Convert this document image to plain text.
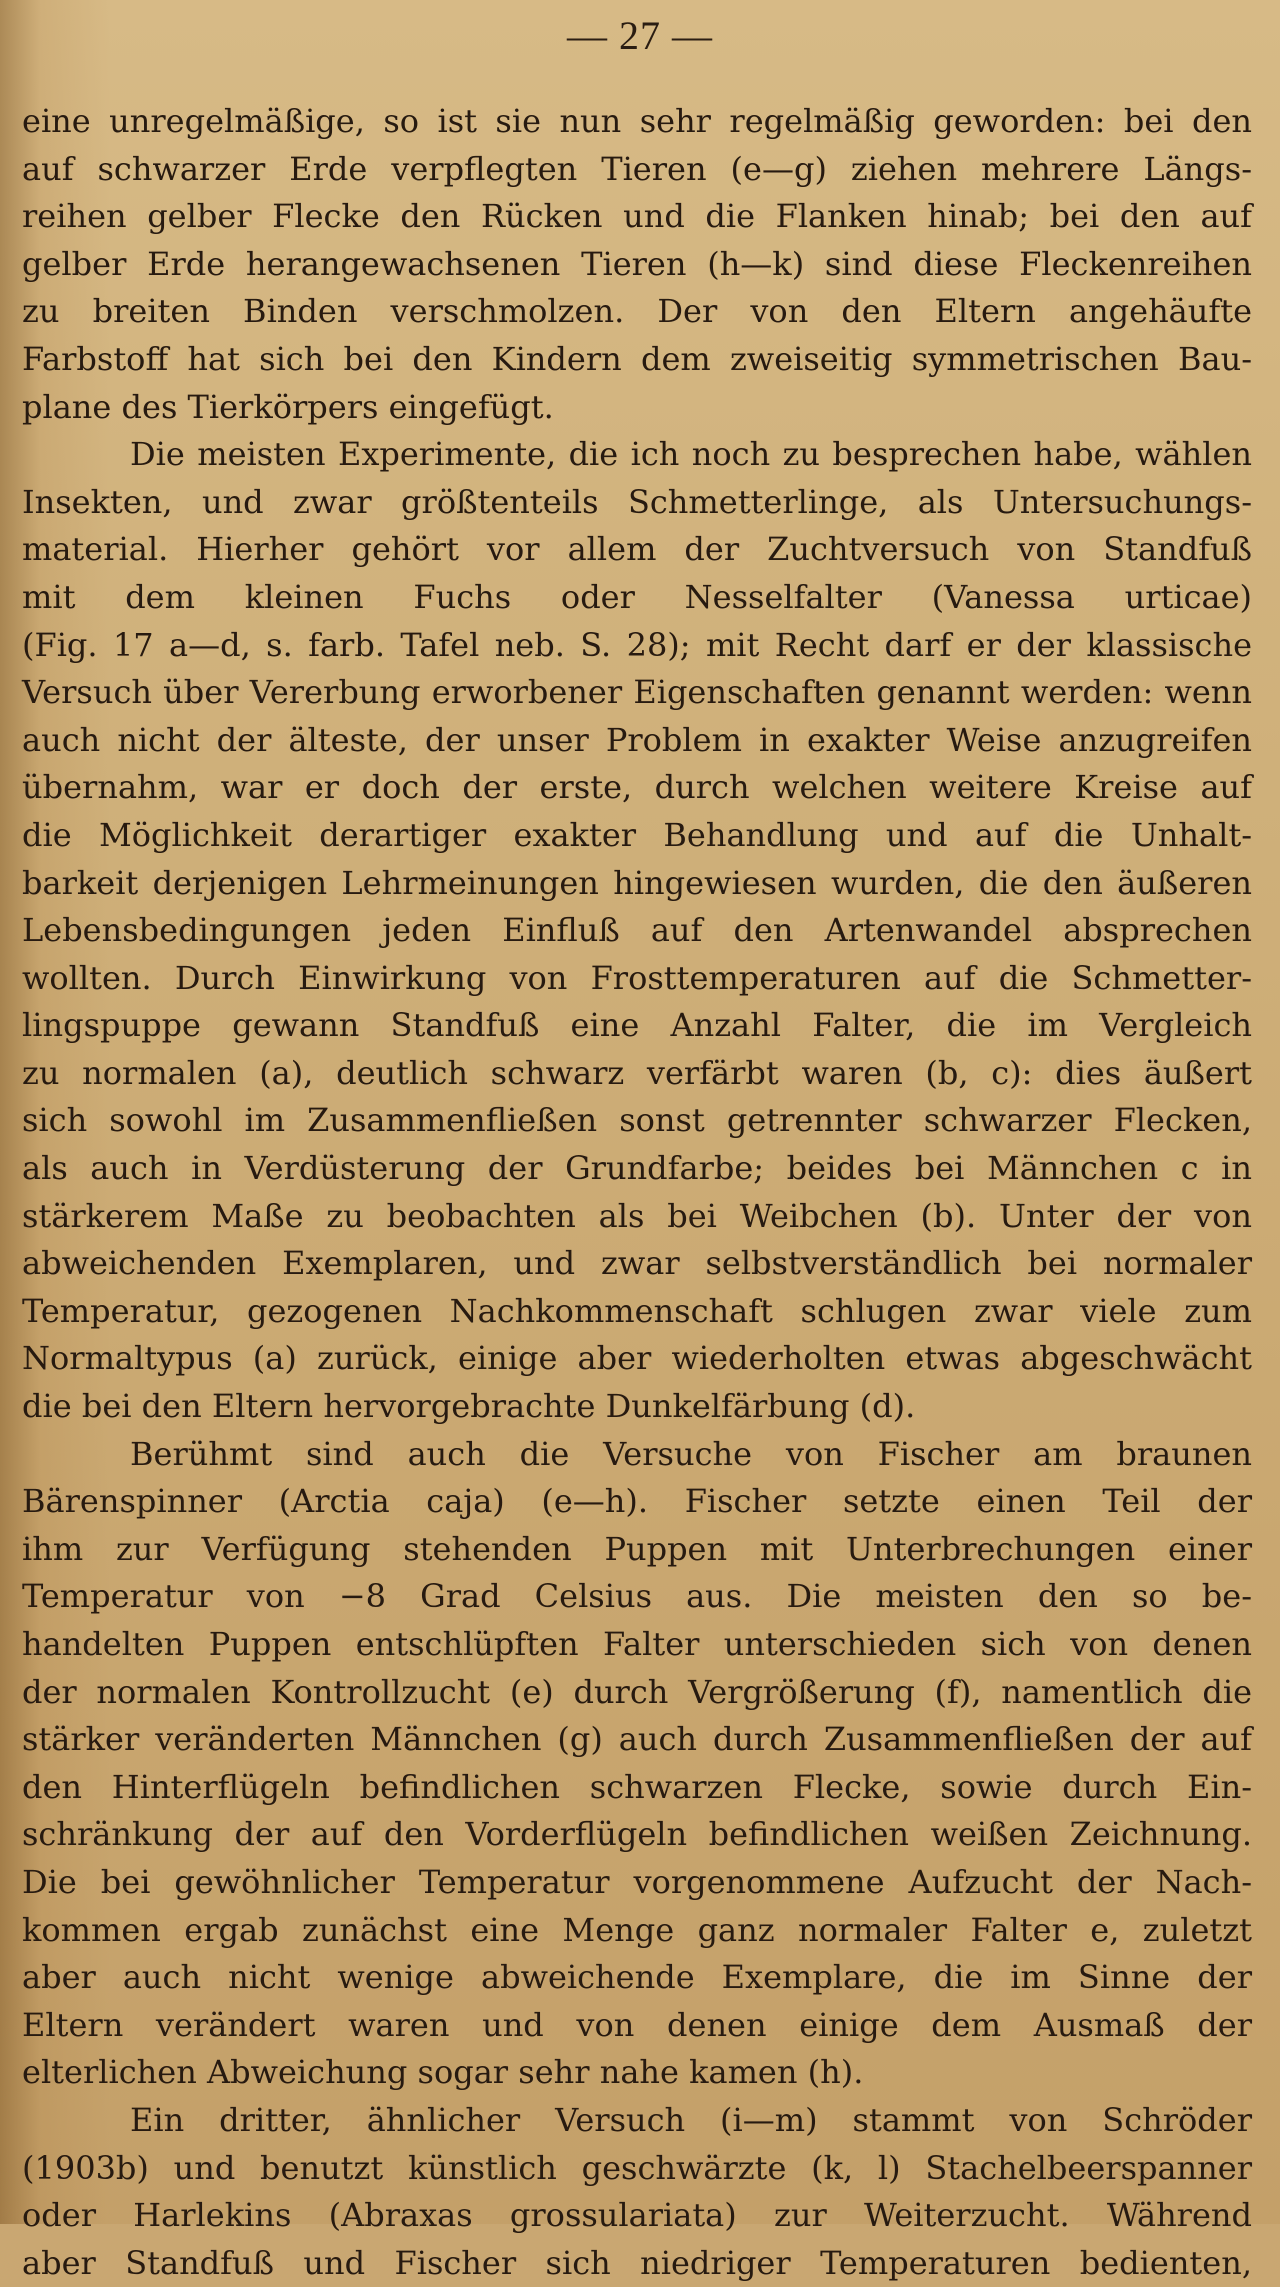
— 27 —
eine unregelmäßige, so ist sie nun sehr regelmäßig geworden: bei den
auf schwarzer Erde verpflegten Tieren (e—g) ziehen mehrere Längs-
reihen gelber Flecke den Rücken und die Flanken hinab; bei den auf
gelber Erde herangewachsenen Tieren (h—k) sind diese Fleckenreihen
zu breiten Binden verschmolzen. Der von den Eltern angehäufte
Farbstoff hat sich bei den Kindern dem zweiseitig symmetrischen Bau-
plane des Tierkörpers eingefügt.
Die meisten Experimente, die ich noch zu besprechen habe, wählen
Insekten, und zwar größtenteils Schmetterlinge, als Untersuchungs-
material. Hierher gehört vor allem der Zuchtversuch von Standfuß
mit dem kleinen Fuchs oder Nesselfalter (Vanessa urticae)
(Fig. 17 a—d, s. farb. Tafel neb. S. 28); mit Recht darf er der klassische
Versuch über Vererbung erworbener Eigenschaften genannt werden: wenn
auch nicht der älteste, der unser Problem in exakter Weise anzugreifen
übernahm, war er doch der erste, durch welchen weitere Kreise auf
die Möglichkeit derartiger exakter Behandlung und auf die Unhalt-
barkeit derjenigen Lehrmeinungen hingewiesen wurden, die den äußeren
Lebensbedingungen jeden Einfluß auf den Artenwandel absprechen
wollten. Durch Einwirkung von Frosttemperaturen auf die Schmetter-
lingspuppe gewann Standfuß eine Anzahl Falter, die im Vergleich
zu normalen (a), deutlich schwarz verfärbt waren (b, c): dies äußert
sich sowohl im Zusammenfließen sonst getrennter schwarzer Flecken,
als auch in Verdüsterung der Grundfarbe; beides bei Männchen c in
stärkerem Maße zu beobachten als bei Weibchen (b). Unter der von
abweichenden Exemplaren, und zwar selbstverständlich bei normaler
Temperatur, gezogenen Nachkommenschaft schlugen zwar viele zum
Normaltypus (a) zurück, einige aber wiederholten etwas abgeschwächt
die bei den Eltern hervorgebrachte Dunkelfärbung (d).
Berühmt sind auch die Versuche von Fischer am braunen
Bärenspinner (Arctia caja) (e—h). Fischer setzte einen Teil der
ihm zur Verfügung stehenden Puppen mit Unterbrechungen einer
Temperatur von −8 Grad Celsius aus. Die meisten den so be-
handelten Puppen entschlüpften Falter unterschieden sich von denen
der normalen Kontrollzucht (e) durch Vergrößerung (f), namentlich die
stärker veränderten Männchen (g) auch durch Zusammenfließen der auf
den Hinterflügeln befindlichen schwarzen Flecke, sowie durch Ein-
schränkung der auf den Vorderflügeln befindlichen weißen Zeichnung.
Die bei gewöhnlicher Temperatur vorgenommene Aufzucht der Nach-
kommen ergab zunächst eine Menge ganz normaler Falter e, zuletzt
aber auch nicht wenige abweichende Exemplare, die im Sinne der
Eltern verändert waren und von denen einige dem Ausmaß der
elterlichen Abweichung sogar sehr nahe kamen (h).
Ein dritter, ähnlicher Versuch (i—m) stammt von Schröder
(1903b) und benutzt künstlich geschwärzte (k, l) Stachelbeerspanner
oder Harlekins (Abraxas grossulariata) zur Weiterzucht. Während
aber Standfuß und Fischer sich niedriger Temperaturen bedienten,
